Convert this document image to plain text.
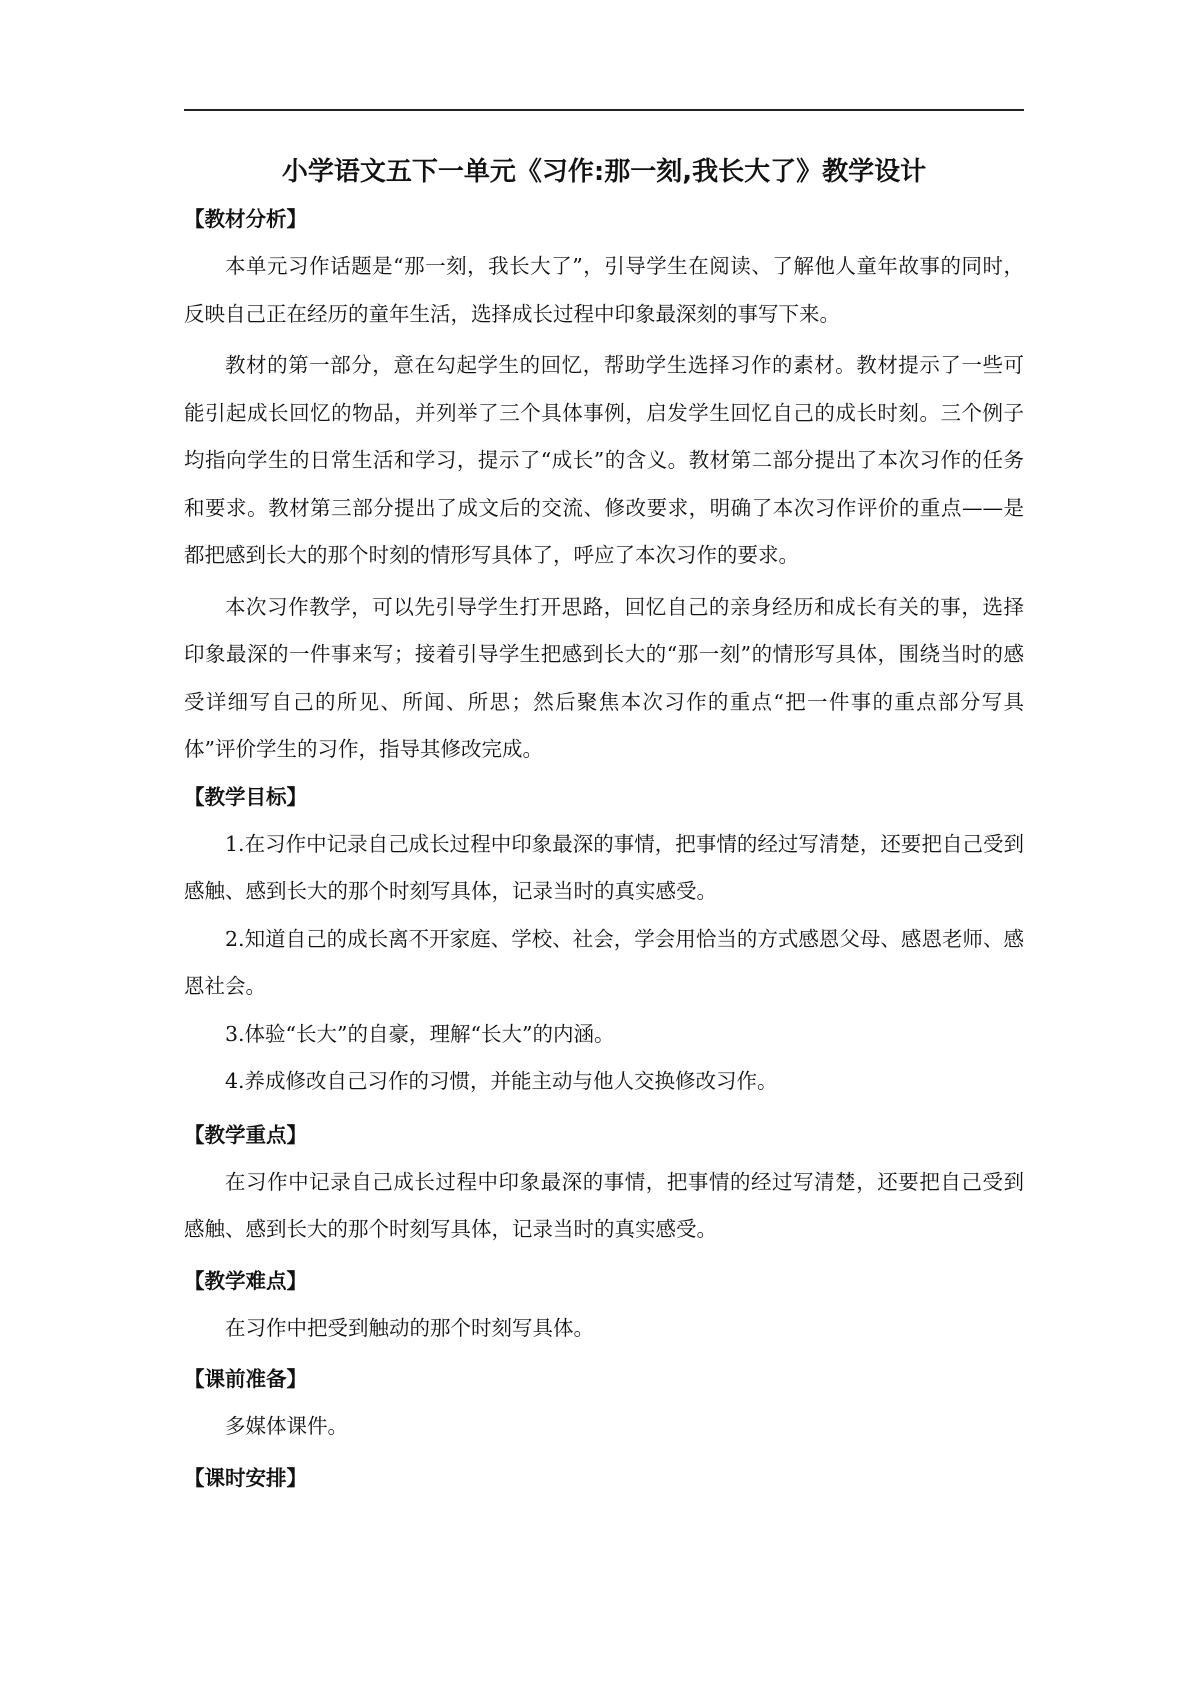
小学语文五下一单元《习作:那一刻,我长大了》教学设计

【教材分析】

本单元习作话题是“那一刻，我长大了”，引导学生在阅读、了解他人童年故事的同时，反映自己正在经历的童年生活，选择成长过程中印象最深刻的事写下来。

教材的第一部分，意在勾起学生的回忆，帮助学生选择习作的素材。教材提示了一些可能引起成长回忆的物品，并列举了三个具体事例，启发学生回忆自己的成长时刻。三个例子均指向学生的日常生活和学习，提示了“成长”的含义。教材第二部分提出了本次习作的任务和要求。教材第三部分提出了成文后的交流、修改要求，明确了本次习作评价的重点——是都把感到长大的那个时刻的情形写具体了，呼应了本次习作的要求。

本次习作教学，可以先引导学生打开思路，回忆自己的亲身经历和成长有关的事，选择印象最深的一件事来写；接着引导学生把感到长大的“那一刻”的情形写具体，围绕当时的感受详细写自己的所见、所闻、所思；然后聚焦本次习作的重点“把一件事的重点部分写具体”评价学生的习作，指导其修改完成。

【教学目标】

1.在习作中记录自己成长过程中印象最深的事情，把事情的经过写清楚，还要把自己受到感触、感到长大的那个时刻写具体，记录当时的真实感受。

2.知道自己的成长离不开家庭、学校、社会，学会用恰当的方式感恩父母、感恩老师、感恩社会。

3.体验“长大”的自豪，理解“长大”的内涵。

4.养成修改自己习作的习惯，并能主动与他人交换修改习作。

【教学重点】

在习作中记录自己成长过程中印象最深的事情，把事情的经过写清楚，还要把自己受到感触、感到长大的那个时刻写具体，记录当时的真实感受。

【教学难点】

在习作中把受到触动的那个时刻写具体。

【课前准备】

多媒体课件。

【课时安排】
